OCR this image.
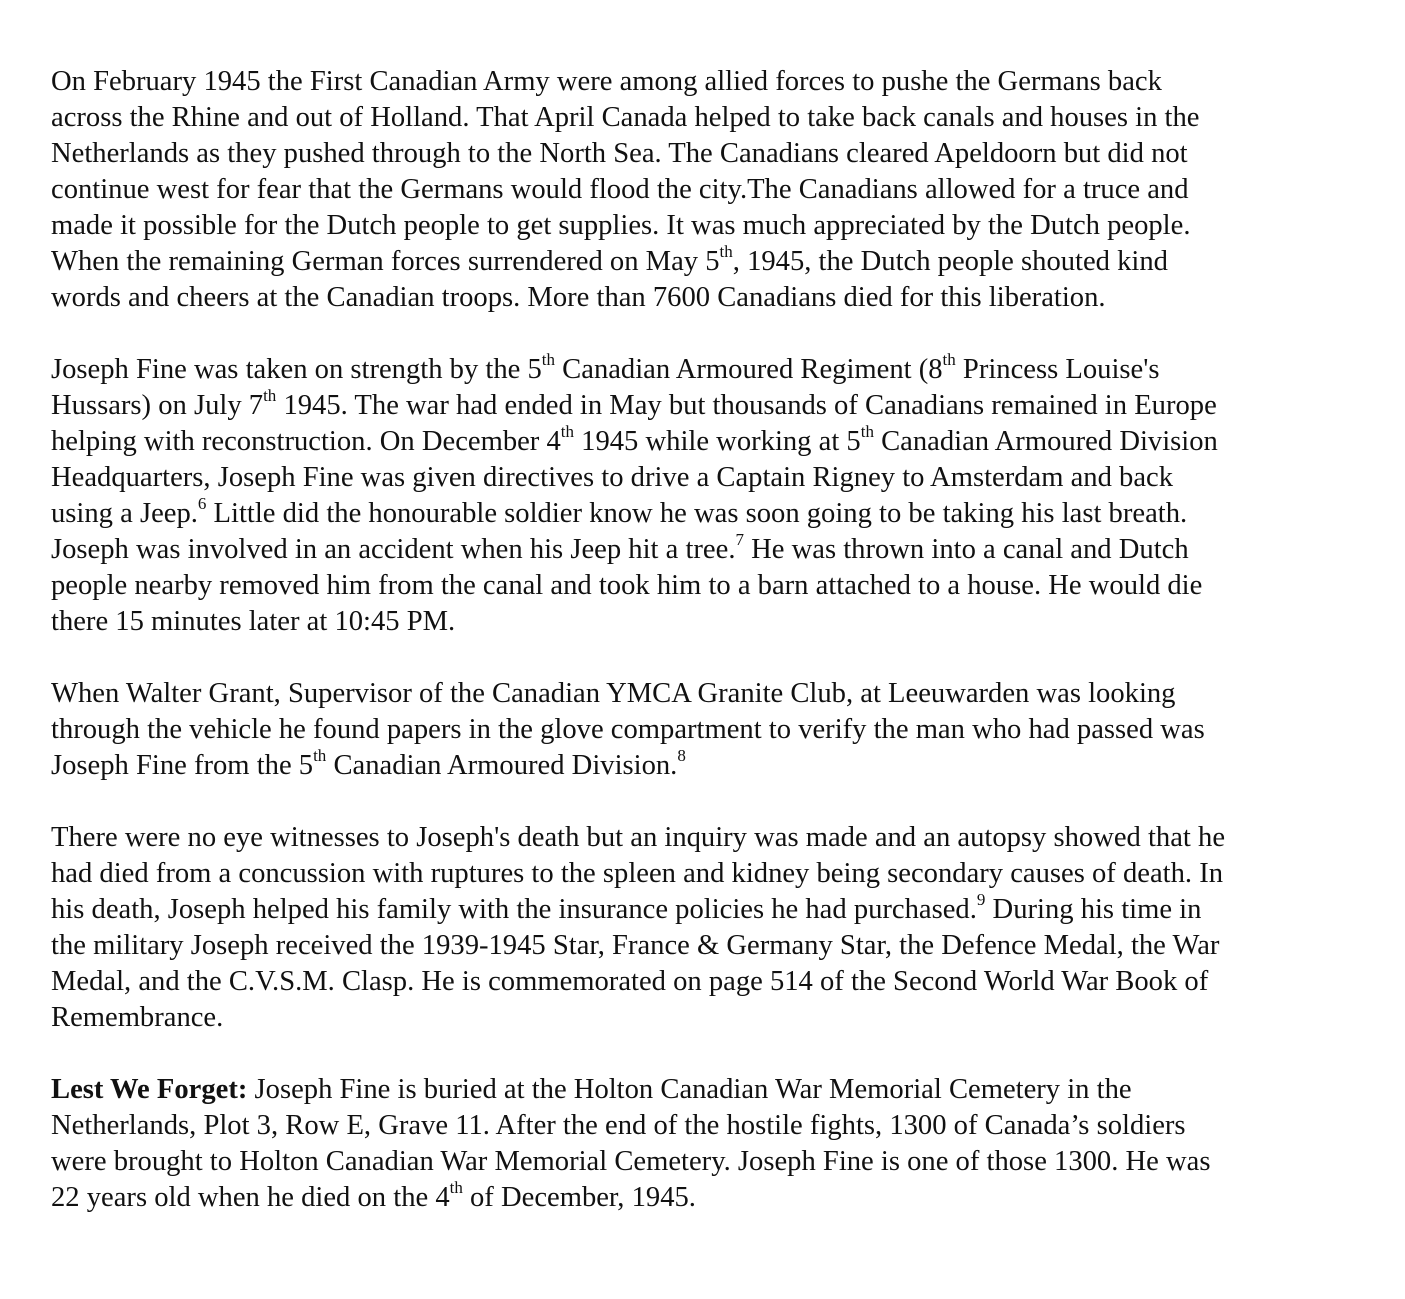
On February 1945 the First Canadian Army were among allied forces to pushe the Germans back
across the Rhine and out of Holland. That April Canada helped to take back canals and houses in the
Netherlands as they pushed through to the North Sea. The Canadians cleared Apeldoorn but did not
continue west for fear that the Germans would flood the city.The Canadians allowed for a truce and
made it possible for the Dutch people to get supplies. It was much appreciated by the Dutch people.
When the remaining German forces surrendered on May 5th, 1945, the Dutch people shouted kind
words and cheers at the Canadian troops. More than 7600 Canadians died for this liberation.
Joseph Fine was taken on strength by the 5th Canadian Armoured Regiment (8th Princess Louise's
Hussars) on July 7th 1945. The war had ended in May but thousands of Canadians remained in Europe
helping with reconstruction. On December 4th 1945 while working at 5th Canadian Armoured Division
Headquarters, Joseph Fine was given directives to drive a Captain Rigney to Amsterdam and back
using a Jeep.$^6$ Little did the honourable soldier know he was soon going to be taking his last breath.
Joseph was involved in an accident when his Jeep hit a tree.$^7$ He was thrown into a canal and Dutch
people nearby removed him from the canal and took him to a barn attached to a house. He would die
there 15 minutes later at 10:45 PM.
When Walter Grant, Supervisor of the Canadian YMCA Granite Club, at Leeuwarden was looking
through the vehicle he found papers in the glove compartment to verify the man who had passed was
Joseph Fine from the 5th Canadian Armoured Division.$^8$
There were no eye witnesses to Joseph's death but an inquiry was made and an autopsy showed that he
had died from a concussion with ruptures to the spleen and kidney being secondary causes of death. In
his death, Joseph helped his family with the insurance policies he had purchased.$^9$ During his time in
the military Joseph received the 1939-1945 Star, France & Germany Star, the Defence Medal, the War
Medal, and the C.V.S.M. Clasp. He is commemorated on page 514 of the Second World War Book of
Remembrance.
Lest We Forget: Joseph Fine is buried at the Holton Canadian War Memorial Cemetery in the
Netherlands, Plot 3, Row E, Grave 11. After the end of the hostile fights, 1300 of Canada’s soldiers
were brought to Holton Canadian War Memorial Cemetery. Joseph Fine is one of those 1300. He was
22 years old when he died on the 4th of December, 1945.
